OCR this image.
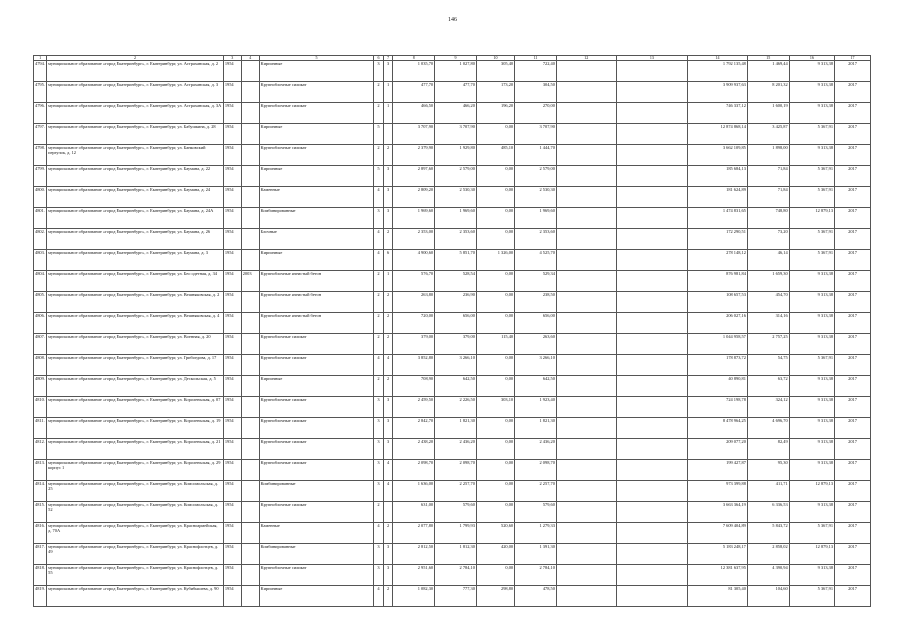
146
1	2	3	4	5	6	7	8	9	10	11	12	13	14	15	16	17
4794.	муниципальное образование «город Екатеринбург», г. Екатеринбург, ул. Астраханская, д. 2	1954		Кирпичные	3	3	1 035,70	1 027,80	305,40	722,40			1 792 135,48	1 469,44	9 313,38	2017
4795.	муниципальное образование «город Екатеринбург», г. Екатеринбург, ул. Астраханская, д. 3	1954		Крупноблочные силикат	2	1	477,70	477,70	173,20	304,50			3 909 937,63	8 201,32	9 313,38	2017
4796.	муниципальное образование «город Екатеринбург», г. Екатеринбург, ул. Астраханская, д. 3А	1954		Крупноблочные силикат	2	1	466,50	466,20	196,20	270,00			746 337,12	1 600,19	9 313,38	2017
4797.	муниципальное образование «город Екатеринбург», г. Екатеринбург, ул. Бабушкина, д. 28	1954		Кирпичные	5		3 707,90	3 707,90	0,00	3 707,90			12 874 868,14	3 425,87	5 367,91	2017
4798.	муниципальное образование «город Екатеринбург», г. Екатеринбург, ул. Банковский переулок, д. 12	1954		Крупноблочные силикат	2	2	2 379,90	1 929,80	485,10	1 444,70			3 662 109,85	1 898,00	9 313,38	2017
4799.	муниципальное образование «город Екатеринбург», г. Екатеринбург, ул. Баумана, д. 22	1954		Кирпичные	5	3	2 897,60	2 579,00	0,00	2 579,00			185 684,13	71,84	5 367,91	2017
4800.	муниципальное образование «город Екатеринбург», г. Екатеринбург, ул. Баумана, д. 24	1954		Каменные	4	3	2 809,20	2 530,30	0,00	2 530,30			181 624,89	71,84	5 367,91	2017
4801.	муниципальное образование «город Екатеринбург», г. Екатеринбург, ул. Баумана, д. 24А	1954		Комбинированные	3	3	1 969,60	1 969,60	0,00	1 969,60			1 474 831,65	748,80	12 879,13	2017
4802.	муниципальное образование «город Екатеринбург», г. Екатеринбург, ул. Баумана, д. 26	1954		Блочные	4	2	2 353,00	2 353,60	0,00	2 353,60			172 290,51	73,20	5 367,91	2017
4803.	муниципальное образование «город Екатеринбург», г. Екатеринбург, ул. Баумана, д. 3	1954		Кирпичные	4	6	4 900,60	5 851,70	1 326,00	4 525,70			278 148,12	46,14	5 367,91	2017
4804.	муниципальное образование «город Екатеринбург», г. Екатеринбург, ул. Бео одетная, д. 34	1954	2003	Крупноблочные ячеистый бетон	2	1	576,70	528,54	0,00	529,34			876 981,84	1 659,30	9 313,38	2017
4805.	муниципальное образование «город Екатеринбург», г. Екатеринбург, ул. Вешняковская, д. 2	1954		Крупноблочные ячеистый бетон	2	2	263,80	236,90	0,00	238,50			108 657,53	454,70	9 313,38	2017
4806.	муниципальное образование «город Екатеринбург», г. Екатеринбург, ул. Вешняковская, д. 4	1954		Крупноблочные ячеистый бетон	2	2	720,00	656,00	0,00	656,00			206 027,16	314,16	9 313,38	2017
4807.	муниципальное образование «город Екатеринбург», г. Екатеринбург, ул. Военная, д. 20	1954		Крупноблочные силикат	2	2	379,00	379,00	115,40	263,60			1 044 958,57	2 757,25	9 313,38	2017
4808.	муниципальное образование «город Екатеринбург», г. Екатеринбург, ул. Грибоедова, д. 17	1954		Крупноблочные силикат	4	4	3 852,80	3 266,10	0,00	3 266,10			178 873,72	54,75	5 367,91	2017
4809.	муниципальное образование «город Екатеринбург», г. Екатеринбург, ул. Дескольская, д. 5	1954		Кирпичные	2	2	708,90	642,50	0,00	642,50			40 890,81	63,72	9 313,38	2017
4810.	муниципальное образование «город Екатеринбург», г. Екатеринбург, ул. Короленьская, д. 07	1954		Крупноблочные силикат	3	3	2 459,50	2 226,50	303,10	1 923,40			724 198,78	324,12	9 313,38	2017
4811.	муниципальное образование «город Екатеринбург», г. Екатеринбург, ул. Короленьская, д. 19	1954		Крупноблочные силикат	3	3	2 842,70	1 821,30	0,00	1 821,30			8 478 964,25	4 696,70	9 313,38	2017
4812.	муниципальное образование «город Екатеринбург», г. Екатеринбург, ул. Короленьская, д. 21	1954		Крупноблочные силикат	3	3	2 438,20	2 436,20	0,00	2 436,20			209 077,20	82,49	9 313,38	2017
4813.	муниципальное образование «город Екатеринбург», г. Екатеринбург, ул. Короленьская, д. 29 корпус 1	1954		Крупноблочные силикат	3	4	2 098,70	2 098,70	0,00	2 098,70			199 427,87	95,30	9 313,38	2017
4814.	муниципальное образование «город Екатеринбург», г. Екатеринбург, ул. Комсомольская, д. 25	1954		Комбинированные	3	4	1 636,00	2 257,70	0,00	2 257,70			973 399,88	411,71	12 879,13	2017
4815.	муниципальное образование «город Екатеринбург», г. Екатеринбург, ул. Комсомольская, д. 52	1954		Крупноблочные силикат	2		631,00	579,60	0,00	579,60			3 663 364,19	6 336,53	9 313,38	2017
4816.	муниципальное образование «город Екатеринбург», г. Екатеринбург, ул. Красноармейская, д. 70А	1954		Каменные	4	2	2 077,80	1 799,93	520,60	1 279,33			7 609 404,89	5 843,72	5 367,91	2017
4817.	муниципальное образование «город Екатеринбург», г. Екатеринбург, ул. Краснофлотцев, д. 49	1954		Комбинированные	3	3	2 812,50	1 812,30	420,00	1 391,30			5 183 248,17	2 858,02	12 879,13	2017
4818.	муниципальное образование «город Екатеринбург», г. Екатеринбург, ул. Краснофлотцев, д. 55	1954		Крупноблочные силикат	3	3	2 951,60	2 784,10	0,00	2 784,10			12 381 637,95	4 390,94	9 313,38	2017
4819.	муниципальное образование «город Екатеринбург», г. Екатеринбург, ул. Кубибышева, д. 90	1954		Кирпичные	4	2	1 082,30	777,30	298,80	478,50			81 305,40	104,60	5 367,91	2017
